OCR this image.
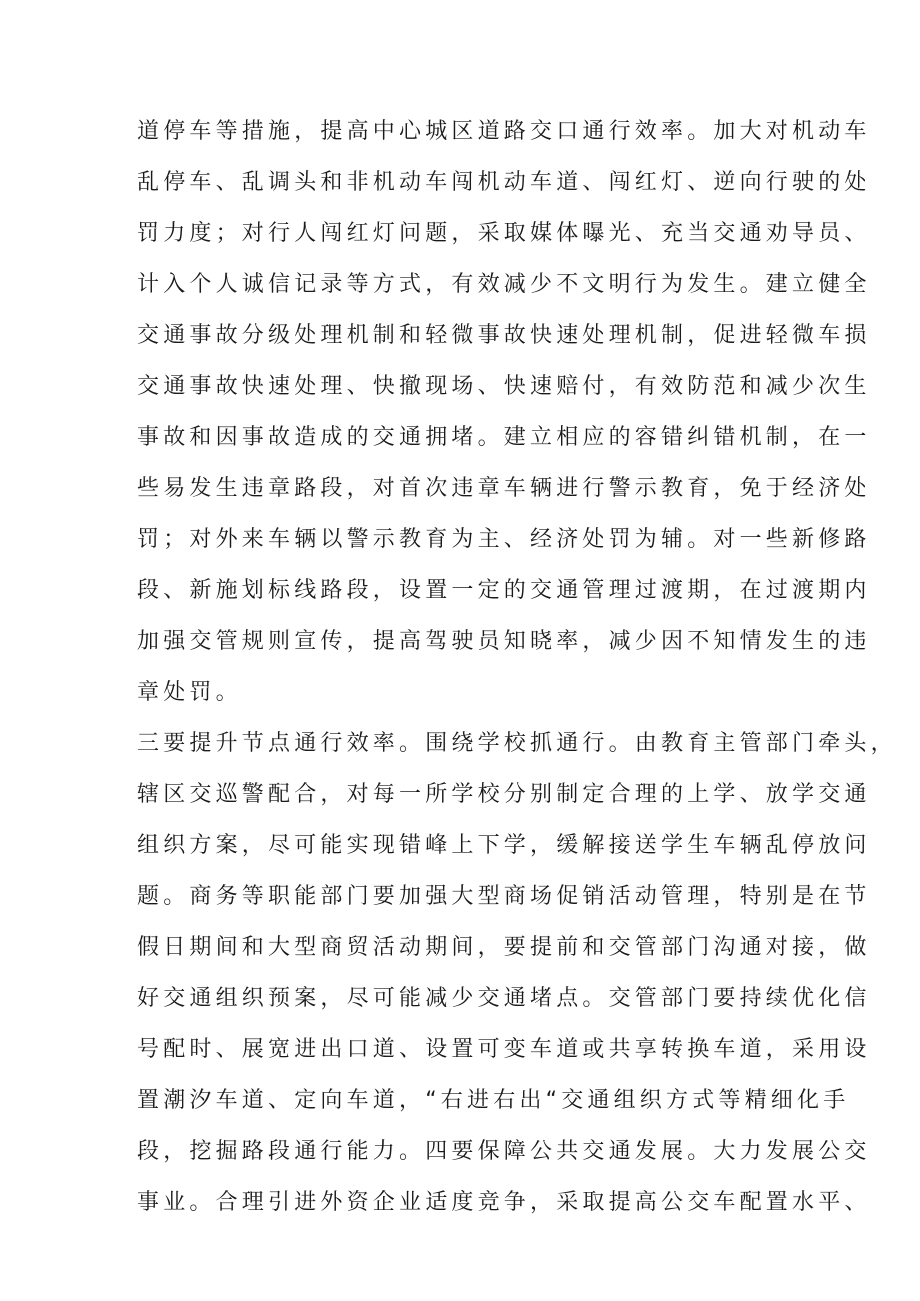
道停车等措施，提高中心城区道路交口通行效率。加大对机动车
乱停车、乱调头和非机动车闯机动车道、闯红灯、逆向行驶的处
罚力度；对行人闯红灯问题，采取媒体曝光、充当交通劝导员、
计入个人诚信记录等方式，有效减少不文明行为发生。建立健全
交通事故分级处理机制和轻微事故快速处理机制，促进轻微车损
交通事故快速处理、快撤现场、快速赔付，有效防范和减少次生
事故和因事故造成的交通拥堵。建立相应的容错纠错机制，在一
些易发生违章路段，对首次违章车辆进行警示教育，免于经济处
罚；对外来车辆以警示教育为主、经济处罚为辅。对一些新修路
段、新施划标线路段，设置一定的交通管理过渡期，在过渡期内
加强交管规则宣传，提高驾驶员知晓率，减少因不知情发生的违
章处罚。
三要提升节点通行效率。围绕学校抓通行。由教育主管部门牵头，
辖区交巡警配合，对每一所学校分别制定合理的上学、放学交通
组织方案，尽可能实现错峰上下学，缓解接送学生车辆乱停放问
题。商务等职能部门要加强大型商场促销活动管理，特别是在节
假日期间和大型商贸活动期间，要提前和交管部门沟通对接，做
好交通组织预案，尽可能减少交通堵点。交管部门要持续优化信
号配时、展宽进出口道、设置可变车道或共享转换车道，采用设
置潮汐车道、定向车道，“右进右出“交通组织方式等精细化手
段，挖掘路段通行能力。四要保障公共交通发展。大力发展公交
事业。合理引进外资企业适度竞争，采取提高公交车配置水平、
